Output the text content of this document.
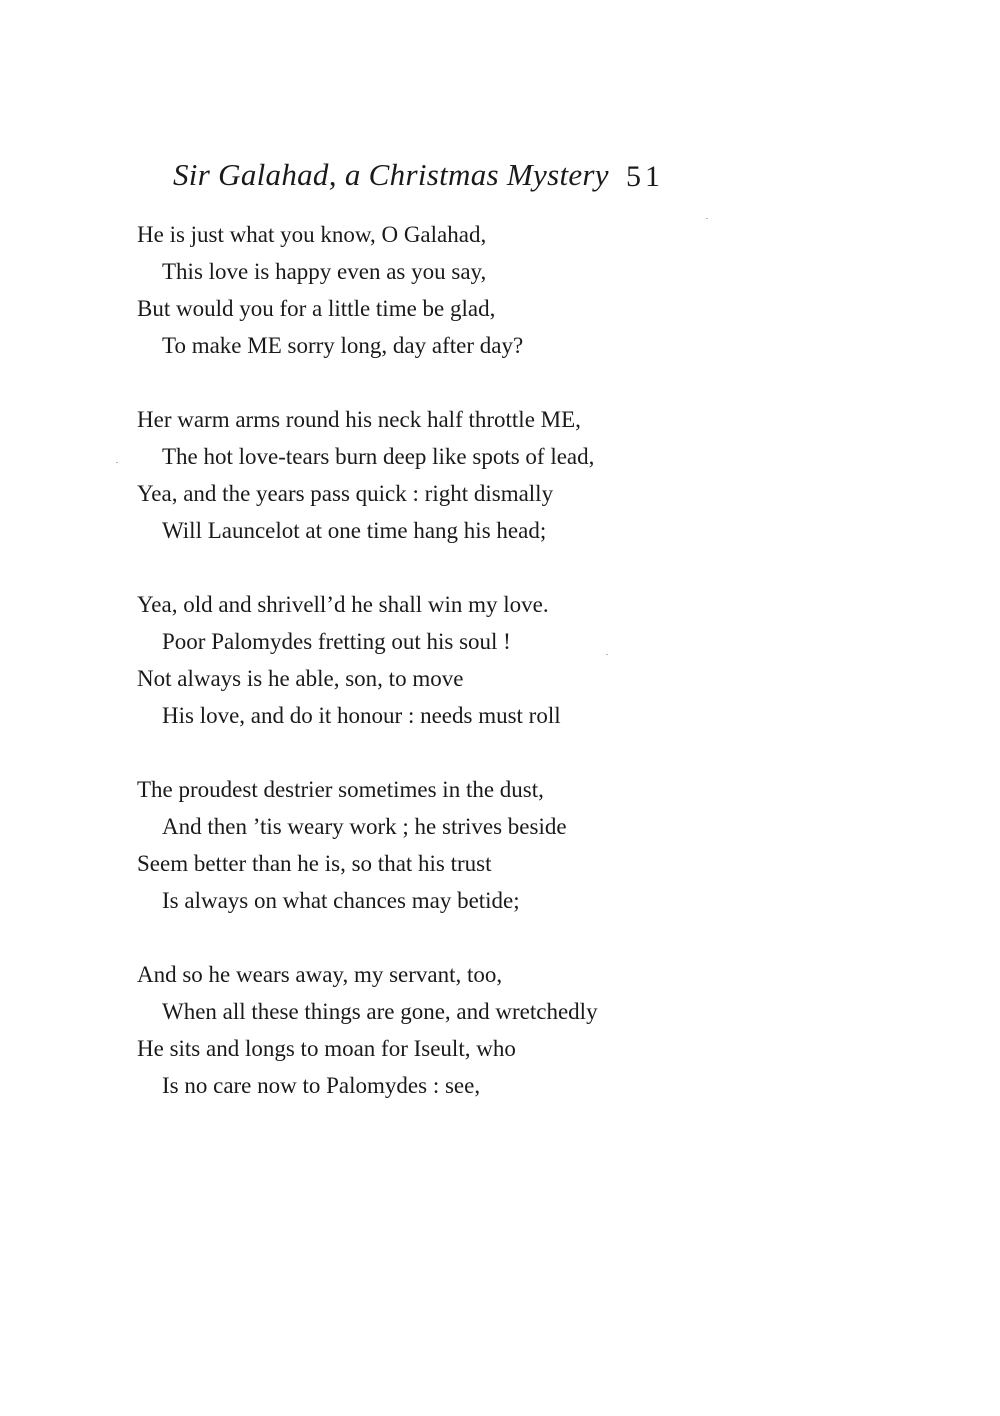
Sir Galahad, a Christmas Mystery 51
He is just what you know, O Galahad,
This love is happy even as you say,
But would you for a little time be glad,
To make ME sorry long, day after day?
Her warm arms round his neck half throttle ME,
The hot love-tears burn deep like spots of lead,
Yea, and the years pass quick : right dismally
Will Launcelot at one time hang his head;
Yea, old and shrivell’d he shall win my love.
Poor Palomydes fretting out his soul !
Not always is he able, son, to move
His love, and do it honour : needs must roll
The proudest destrier sometimes in the dust,
And then ’tis weary work ; he strives beside
Seem better than he is, so that his trust
Is always on what chances may betide;
And so he wears away, my servant, too,
When all these things are gone, and wretchedly
He sits and longs to moan for Iseult, who
Is no care now to Palomydes : see,
